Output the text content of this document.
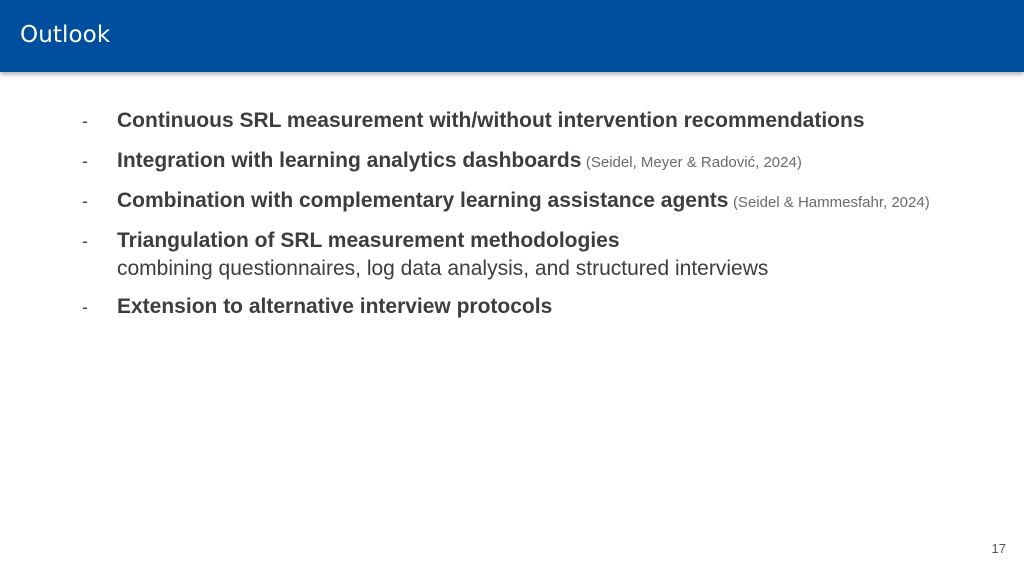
Outlook
- Continuous SRL measurement with/without intervention recommendations
- Integration with learning analytics dashboards (Seidel, Meyer & Radović, 2024)
- Combination with complementary learning assistance agents (Seidel & Hammesfahr, 2024)
- Triangulation of SRL measurement methodologies
combining questionnaires, log data analysis, and structured interviews
- Extension to alternative interview protocols
17
